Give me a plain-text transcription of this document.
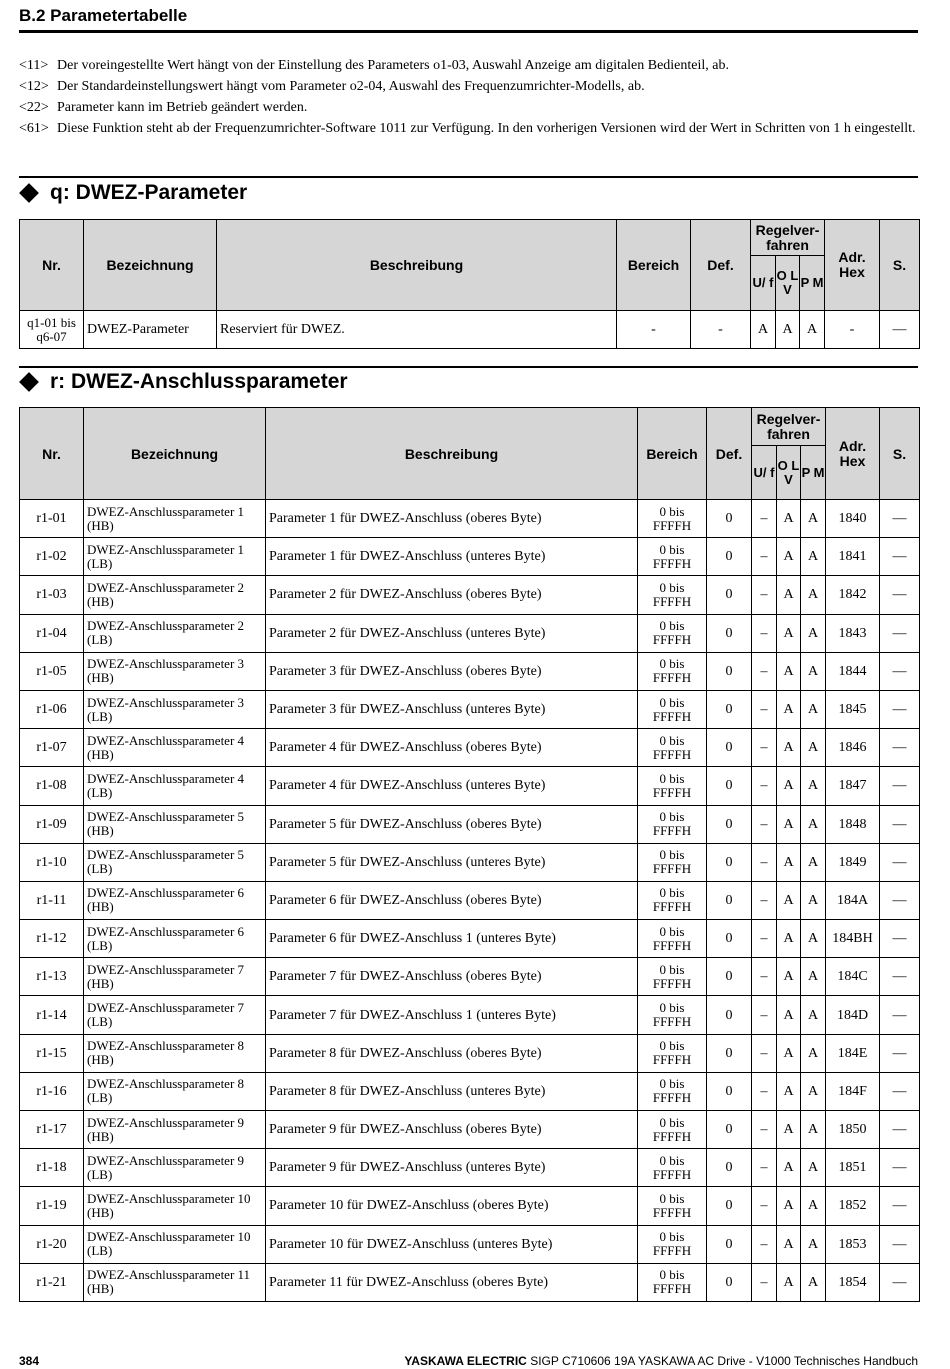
B.2 Parametertabelle
<11> Der voreingestellte Wert hängt von der Einstellung des Parameters o1-03, Auswahl Anzeige am digitalen Bedienteil, ab.
<12> Der Standardeinstellungswert hängt vom Parameter o2-04, Auswahl des Frequenzumrichter-Modells, ab.
<22> Parameter kann im Betrieb geändert werden.
<61> Diese Funktion steht ab der Frequenzumrichter-Software 1011 zur Verfügung. In den vorherigen Versionen wird der Wert in Schritten von 1 h eingestellt.
q: DWEZ-Parameter
Nr.	Bezeichnung	Beschreibung	Bereich	Def.	Regelver-fahren			Adr. Hex	S.
					U/ f	O L V	P M		
q1-01 bis q6-07	DWEZ-Parameter	Reserviert für DWEZ.	-	-	A	A	A	-	—
r: DWEZ-Anschlussparameter
Nr.	Bezeichnung	Beschreibung	Bereich	Def.	Regelver-fahren			Adr. Hex	S.
					U/ f	O L V	P M		
r1-01	DWEZ-Anschlussparameter 1 (HB)	Parameter 1 für DWEZ-Anschluss (oberes Byte)	0 bis FFFFH	0	–	A	A	1840	—
r1-02	DWEZ-Anschlussparameter 1 (LB)	Parameter 1 für DWEZ-Anschluss (unteres Byte)	0 bis FFFFH	0	–	A	A	1841	—
r1-03	DWEZ-Anschlussparameter 2 (HB)	Parameter 2 für DWEZ-Anschluss (oberes Byte)	0 bis FFFFH	0	–	A	A	1842	—
r1-04	DWEZ-Anschlussparameter 2 (LB)	Parameter 2 für DWEZ-Anschluss (unteres Byte)	0 bis FFFFH	0	–	A	A	1843	—
r1-05	DWEZ-Anschlussparameter 3 (HB)	Parameter 3 für DWEZ-Anschluss (oberes Byte)	0 bis FFFFH	0	–	A	A	1844	—
r1-06	DWEZ-Anschlussparameter 3 (LB)	Parameter 3 für DWEZ-Anschluss (unteres Byte)	0 bis FFFFH	0	–	A	A	1845	—
r1-07	DWEZ-Anschlussparameter 4 (HB)	Parameter 4 für DWEZ-Anschluss (oberes Byte)	0 bis FFFFH	0	–	A	A	1846	—
r1-08	DWEZ-Anschlussparameter 4 (LB)	Parameter 4 für DWEZ-Anschluss (unteres Byte)	0 bis FFFFH	0	–	A	A	1847	—
r1-09	DWEZ-Anschlussparameter 5 (HB)	Parameter 5 für DWEZ-Anschluss (oberes Byte)	0 bis FFFFH	0	–	A	A	1848	—
r1-10	DWEZ-Anschlussparameter 5 (LB)	Parameter 5 für DWEZ-Anschluss (unteres Byte)	0 bis FFFFH	0	–	A	A	1849	—
r1-11	DWEZ-Anschlussparameter 6 (HB)	Parameter 6 für DWEZ-Anschluss (oberes Byte)	0 bis FFFFH	0	–	A	A	184A	—
r1-12	DWEZ-Anschlussparameter 6 (LB)	Parameter 6 für DWEZ-Anschluss 1 (unteres Byte)	0 bis FFFFH	0	–	A	A	184BH	—
r1-13	DWEZ-Anschlussparameter 7 (HB)	Parameter 7 für DWEZ-Anschluss (oberes Byte)	0 bis FFFFH	0	–	A	A	184C	—
r1-14	DWEZ-Anschlussparameter 7 (LB)	Parameter 7 für DWEZ-Anschluss 1 (unteres Byte)	0 bis FFFFH	0	–	A	A	184D	—
r1-15	DWEZ-Anschlussparameter 8 (HB)	Parameter 8 für DWEZ-Anschluss (oberes Byte)	0 bis FFFFH	0	–	A	A	184E	—
r1-16	DWEZ-Anschlussparameter 8 (LB)	Parameter 8 für DWEZ-Anschluss (unteres Byte)	0 bis FFFFH	0	–	A	A	184F	—
r1-17	DWEZ-Anschlussparameter 9 (HB)	Parameter 9 für DWEZ-Anschluss (oberes Byte)	0 bis FFFFH	0	–	A	A	1850	—
r1-18	DWEZ-Anschlussparameter 9 (LB)	Parameter 9 für DWEZ-Anschluss (unteres Byte)	0 bis FFFFH	0	–	A	A	1851	—
r1-19	DWEZ-Anschlussparameter 10 (HB)	Parameter 10 für DWEZ-Anschluss (oberes Byte)	0 bis FFFFH	0	–	A	A	1852	—
r1-20	DWEZ-Anschlussparameter 10 (LB)	Parameter 10 für DWEZ-Anschluss (unteres Byte)	0 bis FFFFH	0	–	A	A	1853	—
r1-21	DWEZ-Anschlussparameter 11 (HB)	Parameter 11 für DWEZ-Anschluss (oberes Byte)	0 bis FFFFH	0	–	A	A	1854	—
384	YASKAWA ELECTRIC SIGP C710606 19A YASKAWA AC Drive - V1000 Technisches Handbuch
